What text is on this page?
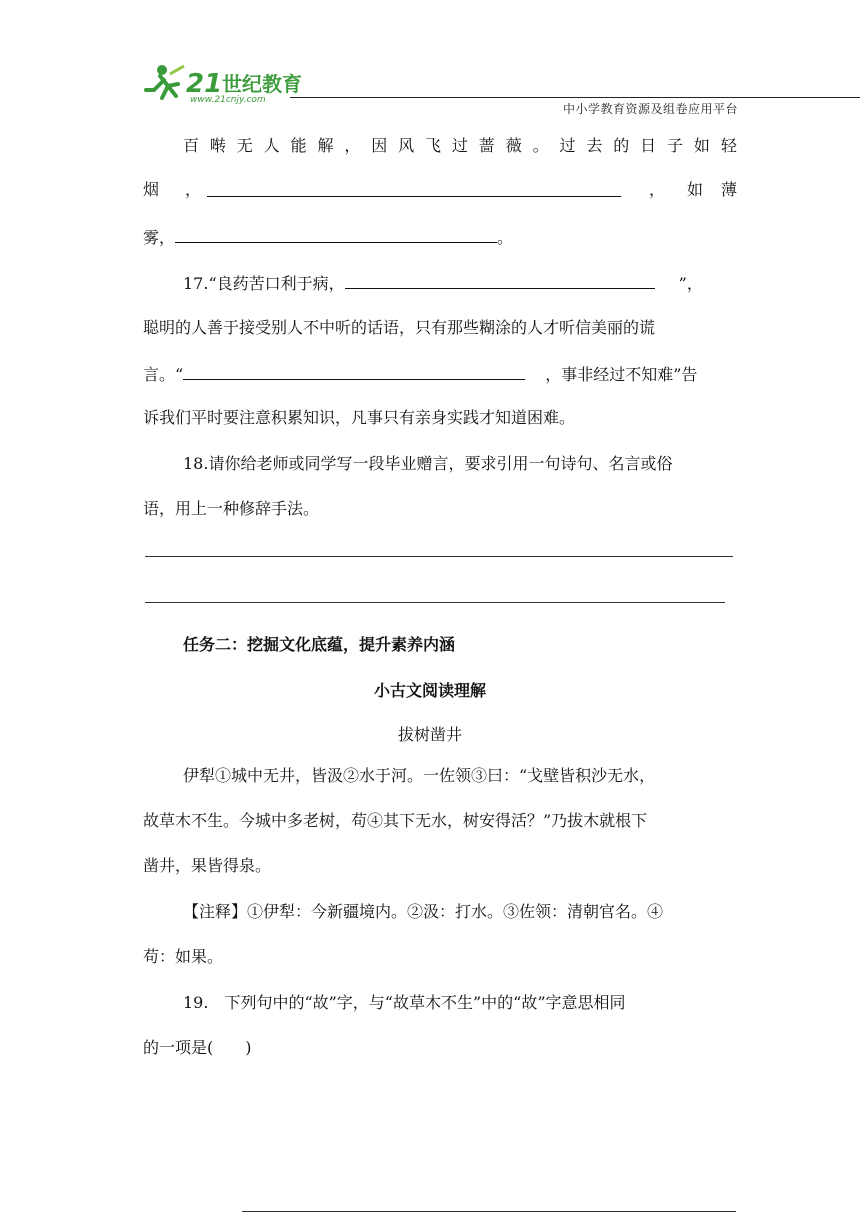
21 世纪教育
www.21cnjy.com
中小学教育资源及组卷应用平台
百 啭 无 人 能 解 ， 因 风 飞 过 蔷 薇 。 过 去 的 日 子 如 轻
烟 ，	， 如 薄
雾，	。
17.“良药苦口利于病，	”，
聪明的人善于接受别人不中听的话语，只有那些糊涂的人才听信美丽的谎
言。“	，事非经过不知难”告
诉我们平时要注意积累知识，凡事只有亲身实践才知道困难。
18.请你给老师或同学写一段毕业赠言，要求引用一句诗句、名言或俗
语，用上一种修辞手法。
任务二：挖掘文化底蕴，提升素养内涵
小古文阅读理解
拔树凿井
伊犁①城中无井，皆汲②水于河。一佐领③曰：“戈壁皆积沙无水，
故草木不生。今城中多老树，苟④其下无水，树安得活？”乃拔木就根下
凿井，果皆得泉。
【注释】①伊犁：今新疆境内。②汲：打水。③佐领：清朝官名。④
苟：如果。
19.　下列句中的“故”字，与“故草木不生”中的“故”字意思相同
的一项是(　　)
